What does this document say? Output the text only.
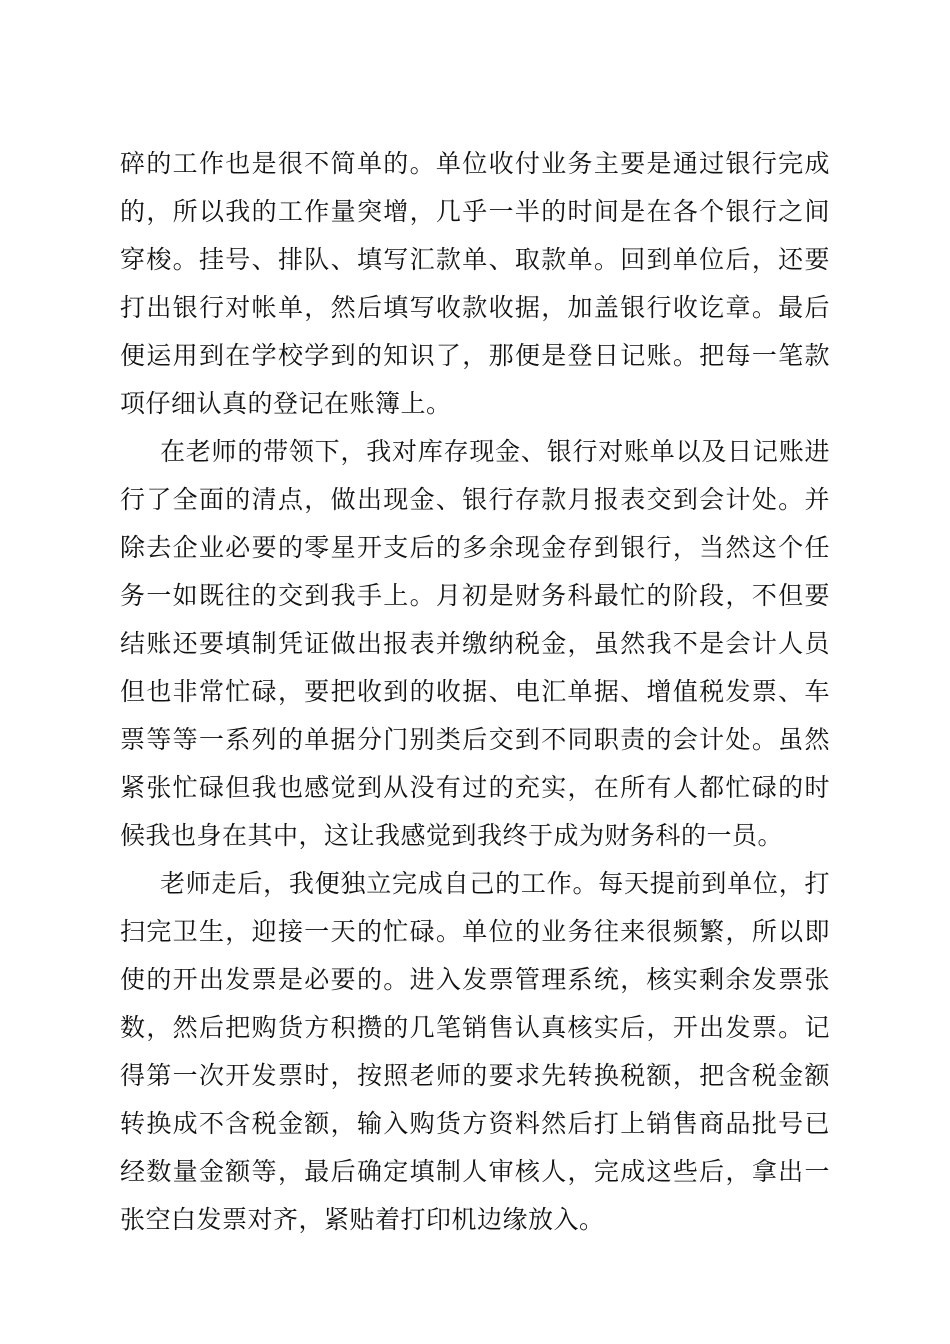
碎的工作也是很不简单的。单位收付业务主要是通过银行完成
的，所以我的工作量突增，几乎一半的时间是在各个银行之间
穿梭。挂号、排队、填写汇款单、取款单。回到单位后，还要
打出银行对帐单，然后填写收款收据，加盖银行收讫章。最后
便运用到在学校学到的知识了，那便是登日记账。把每一笔款
项仔细认真的登记在账簿上。

在老师的带领下，我对库存现金、银行对账单以及日记账进
行了全面的清点，做出现金、银行存款月报表交到会计处。并
除去企业必要的零星开支后的多余现金存到银行，当然这个任
务一如既往的交到我手上。月初是财务科最忙的阶段，不但要
结账还要填制凭证做出报表并缴纳税金，虽然我不是会计人员
但也非常忙碌，要把收到的收据、电汇单据、增值税发票、车
票等等一系列的单据分门别类后交到不同职责的会计处。虽然
紧张忙碌但我也感觉到从没有过的充实，在所有人都忙碌的时
候我也身在其中，这让我感觉到我终于成为财务科的一员。

老师走后，我便独立完成自己的工作。每天提前到单位，打
扫完卫生，迎接一天的忙碌。单位的业务往来很频繁，所以即
使的开出发票是必要的。进入发票管理系统，核实剩余发票张
数，然后把购货方积攒的几笔销售认真核实后，开出发票。记
得第一次开发票时，按照老师的要求先转换税额，把含税金额
转换成不含税金额，输入购货方资料然后打上销售商品批号已
经数量金额等，最后确定填制人审核人，完成这些后，拿出一
张空白发票对齐，紧贴着打印机边缘放入。
